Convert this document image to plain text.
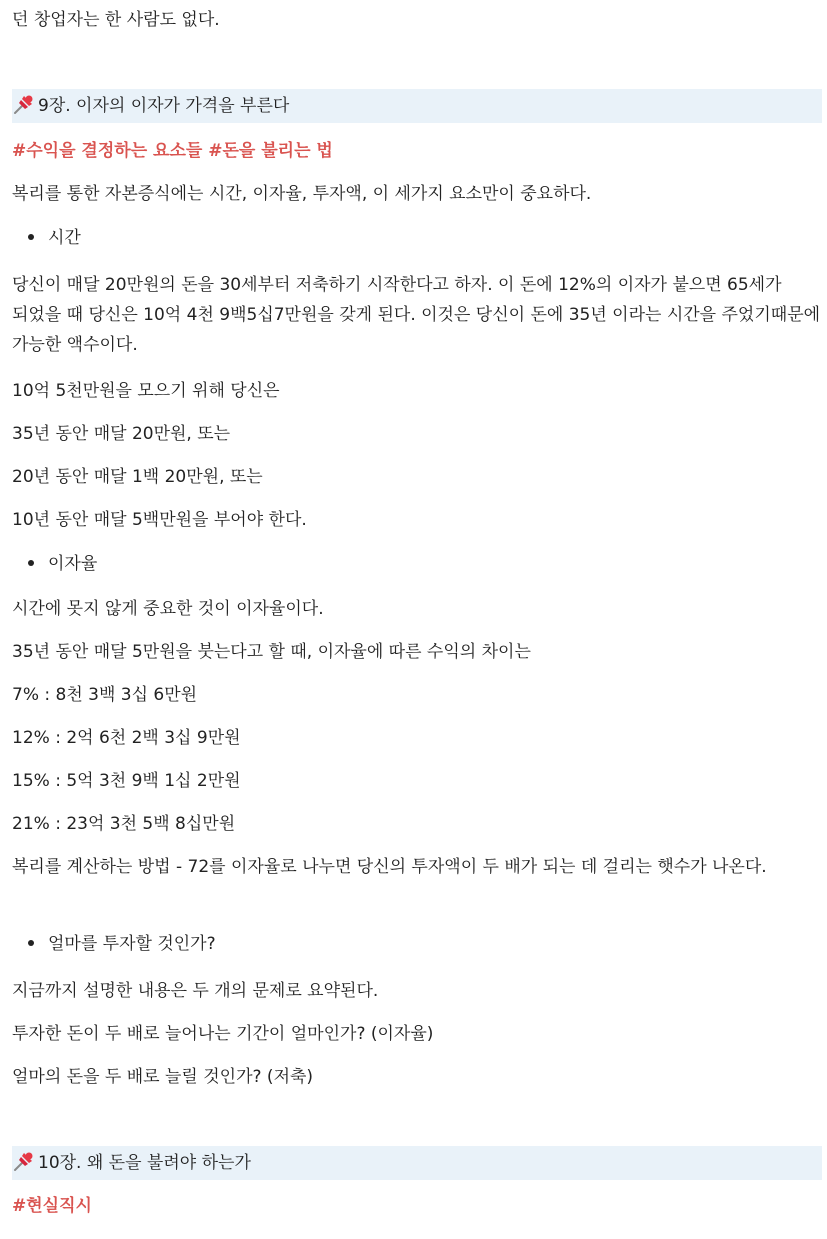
던 창업자는 한 사람도 없다.
9장. 이자의 이자가 가격을 부른다
#수익을 결정하는 요소들 #돈을 불리는 법
복리를 통한 자본증식에는 시간, 이자율, 투자액, 이 세가지 요소만이 중요하다.
시간
당신이 매달 20만원의 돈을 30세부터 저축하기 시작한다고 하자. 이 돈에 12%의 이자가 붙으면 65세가 되었을 때 당신은 10억 4천 9백5십7만원을 갖게 된다. 이것은 당신이 돈에 35년 이라는 시간을 주었기때문에 가능한 액수이다.
10억 5천만원을 모으기 위해 당신은
35년 동안 매달 20만원, 또는
20년 동안 매달 1백 20만원, 또는
10년 동안 매달 5백만원을 부어야 한다.
이자율
시간에 못지 않게 중요한 것이 이자율이다.
35년 동안 매달 5만원을 붓는다고 할 때, 이자율에 따른 수익의 차이는
7% : 8천 3백 3십 6만원
12% : 2억 6천 2백 3십 9만원
15% : 5억 3천 9백 1십 2만원
21% : 23억 3천 5백 8십만원
복리를 계산하는 방법 - 72를 이자율로 나누면 당신의 투자액이 두 배가 되는 데 걸리는 햇수가 나온다.
얼마를 투자할 것인가?
지금까지 설명한 내용은 두 개의 문제로 요약된다.
투자한 돈이 두 배로 늘어나는 기간이 얼마인가? (이자율)
얼마의 돈을 두 배로 늘릴 것인가? (저축)
10장. 왜 돈을 불려야 하는가
#현실직시
